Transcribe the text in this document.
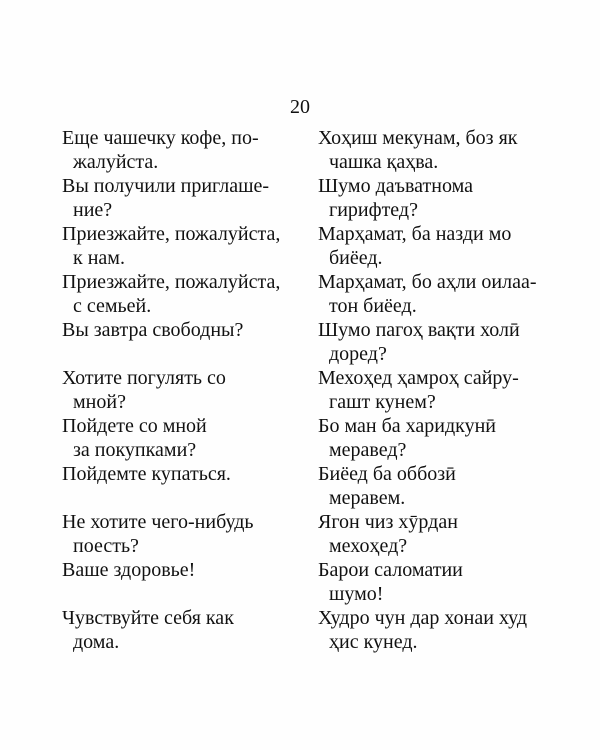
20
Еще чашечку кофе, по-
жалуйста.
Вы получили приглаше-
ние?
Приезжайте, пожалуйста,
к нам.
Приезжайте, пожалуйста,
с семьей.
Вы завтра свободны?
Хотите погулять со
мной?
Пойдете со мной
за покупками?
Пойдемте купаться.
Не хотите чего-нибудь
поесть?
Ваше здоровье!
Чувствуйте себя как
дома.
Хоҳиш мекунам, боз як
чашка қаҳва.
Шумо даъватнома
гирифтед?
Марҳамат, ба назди мо
биёед.
Марҳамат, бо аҳли оилаа-
тон биёед.
Шумо пагоҳ вақти холӣ
доред?
Мехоҳед ҳамроҳ сайру-
гашт кунем?
Бо ман ба харидкунӣ
меравед?
Биёед ба оббозӣ
меравем.
Ягон чиз хӯрдан
мехоҳед?
Барои саломатии
шумо!
Худро чун дар хонаи худ
ҳис кунед.
